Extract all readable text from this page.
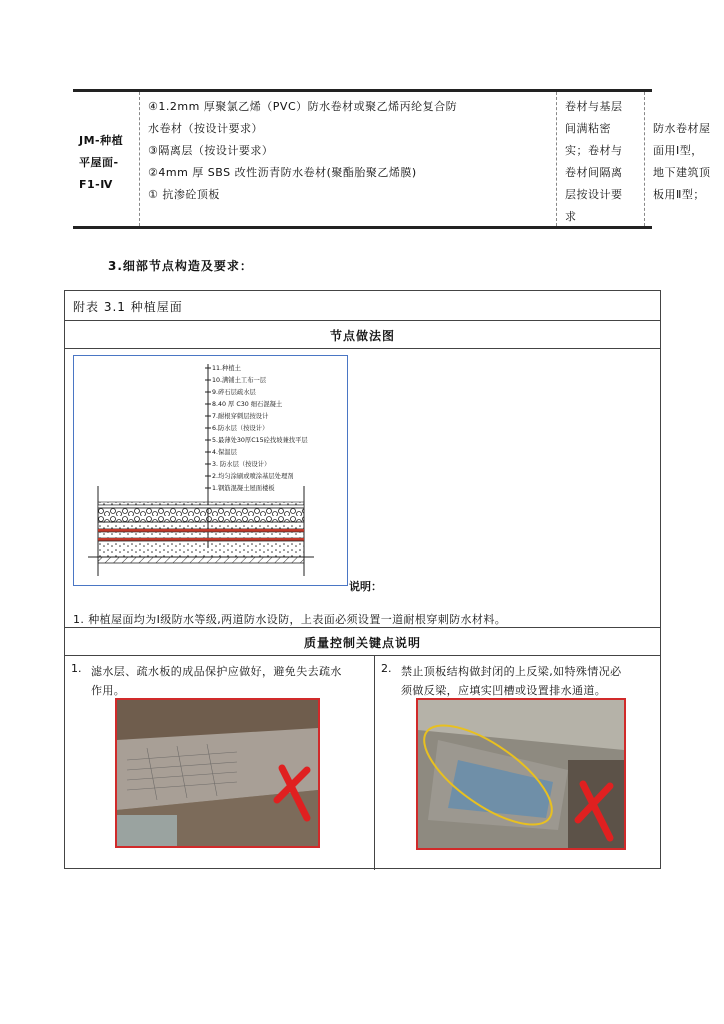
JM-种植
平屋面-
F1-Ⅳ
④1.2mm 厚聚氯乙烯（PVC）防水卷材或聚乙烯丙纶复合防
水卷材（按设计要求）
③隔离层（按设计要求）
②4mm 厚 SBS 改性沥青防水卷材(聚酯胎聚乙烯膜)
① 抗渗砼顶板
卷材与基层
间满粘密
实；卷材与
卷材间隔离
层按设计要
求
防水卷材屋
面用Ⅰ型，
地下建筑顶
板用Ⅱ型；
3.细部节点构造及要求：
附表 3.1 种植屋面
节点做法图
11.种植土
10.满铺土工布一层
9.碎石层疏水层
8.40 厚 C30 细石混凝土
7.耐根穿刺层按设计
6.防水层（按设计）
5.最薄处30厚C15砼找坡兼找平层
4.保温层
3. 防水层（按设计）
2.均匀涂刷或喷涂基层处理剂
1.钢筋混凝土屋面楼板
说明：
1. 种植屋面均为Ⅰ级防水等级,两道防水设防，上表面必须设置一道耐根穿刺防水材料。
质量控制关键点说明
1. 滤水层、疏水板的成品保护应做好，避免失去疏水
作用。
2. 禁止顶板结构做封闭的上反梁,如特殊情况必
须做反梁，应填实凹槽或设置排水通道。
